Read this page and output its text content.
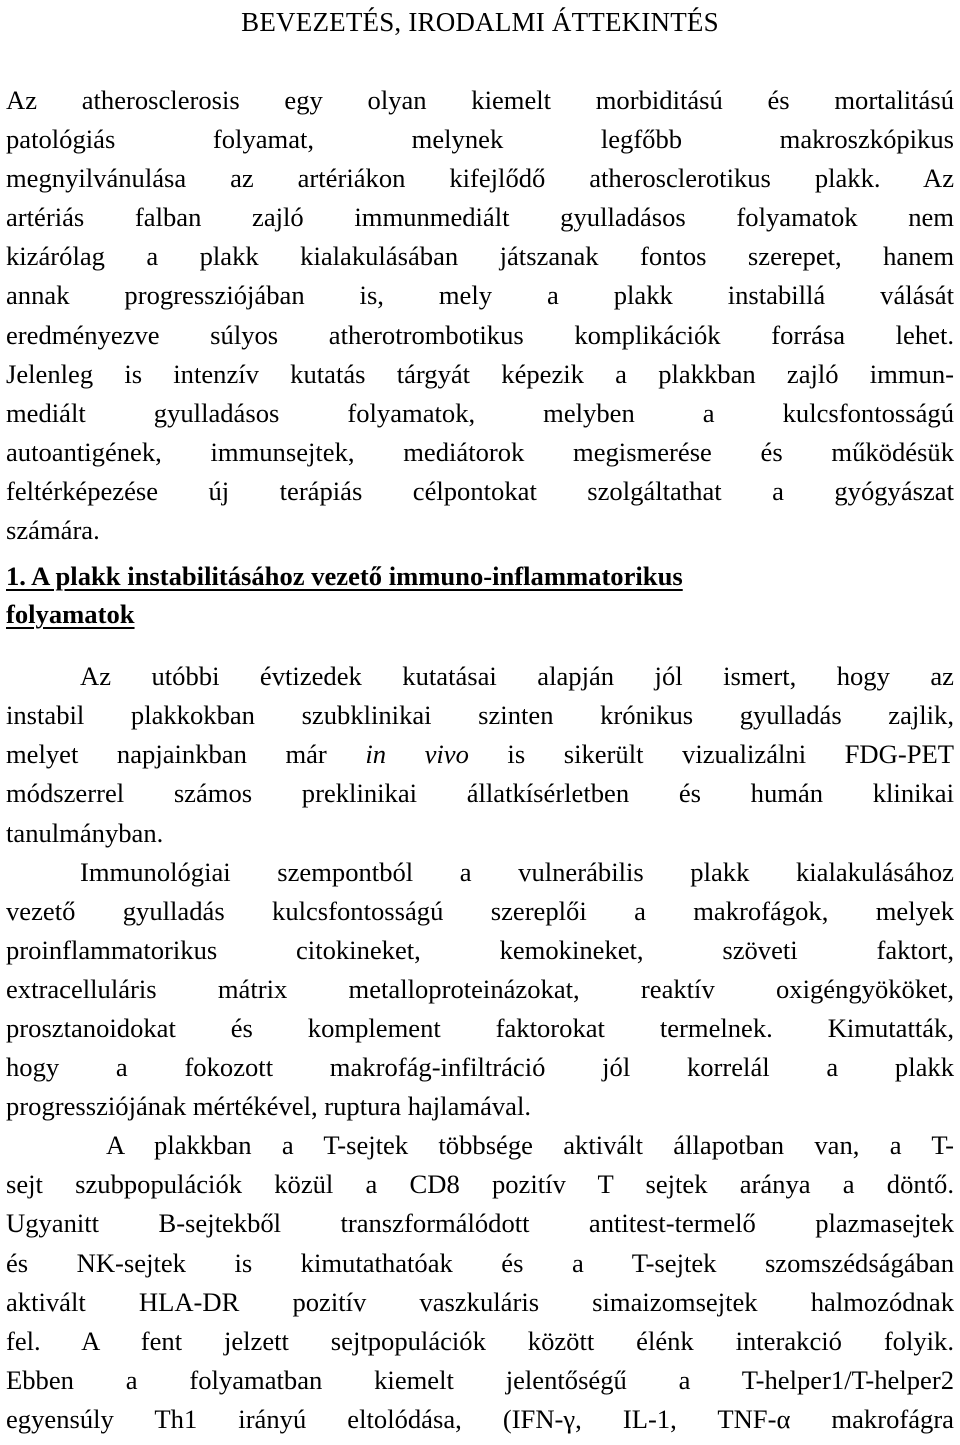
BEVEZETÉS, IRODALMI ÁTTEKINTÉS
Az atherosclerosis egy olyan kiemelt morbiditású és mortalitású
patológiás folyamat, melynek legfőbb makroszkópikus
megnyilvánulása az artériákon kifejlődő atherosclerotikus plakk. Az
artériás falban zajló immunmediált gyulladásos folyamatok nem
kizárólag a plakk kialakulásában játszanak fontos szerepet, hanem
annak progressziójában is, mely a plakk instabillá válását
eredményezve súlyos atherotrombotikus komplikációk forrása lehet.
Jelenleg is intenzív kutatás tárgyát képezik a plakkban zajló immun-
mediált gyulladásos folyamatok, melyben a kulcsfontosságú
autoantigének, immunsejtek, mediátorok megismerése és működésük
feltérképezése új terápiás célpontokat szolgáltathat a gyógyászat
számára.
1. A plakk instabilitásához vezető immuno-inflammatorikus
folyamatok
Az utóbbi évtizedek kutatásai alapján jól ismert, hogy az
instabil plakkokban szubklinikai szinten krónikus gyulladás zajlik,
melyet napjainkban már in vivo is sikerült vizualizálni FDG-PET
módszerrel számos preklinikai állatkísérletben és humán klinikai
tanulmányban.
Immunológiai szempontból a vulnerábilis plakk kialakulásához
vezető gyulladás kulcsfontosságú szereplői a makrofágok, melyek
proinflammatorikus citokineket, kemokineket, szöveti faktort,
extracelluláris mátrix metalloproteinázokat, reaktív oxigéngyököket,
prosztanoidokat és komplement faktorokat termelnek. Kimutatták,
hogy a fokozott makrofág-infiltráció jól korrelál a plakk
progressziójának mértékével, ruptura hajlamával.
A plakkban a T-sejtek többsége aktivált állapotban van, a T-
sejt szubpopulációk közül a CD8 pozitív T sejtek aránya a döntő.
Ugyanitt B-sejtekből transzformálódott antitest-termelő plazmasejtek
és NK-sejtek is kimutathatóak és a T-sejtek szomszédságában
aktivált HLA-DR pozitív vaszkuláris simaizomsejtek halmozódnak
fel. A fent jelzett sejtpopulációk között élénk interakció folyik.
Ebben a folyamatban kiemelt jelentőségű a T-helper1/T-helper2
egyensúly Th1 irányú eltolódása, (IFN-γ, IL-1, TNF-α makrofágra
